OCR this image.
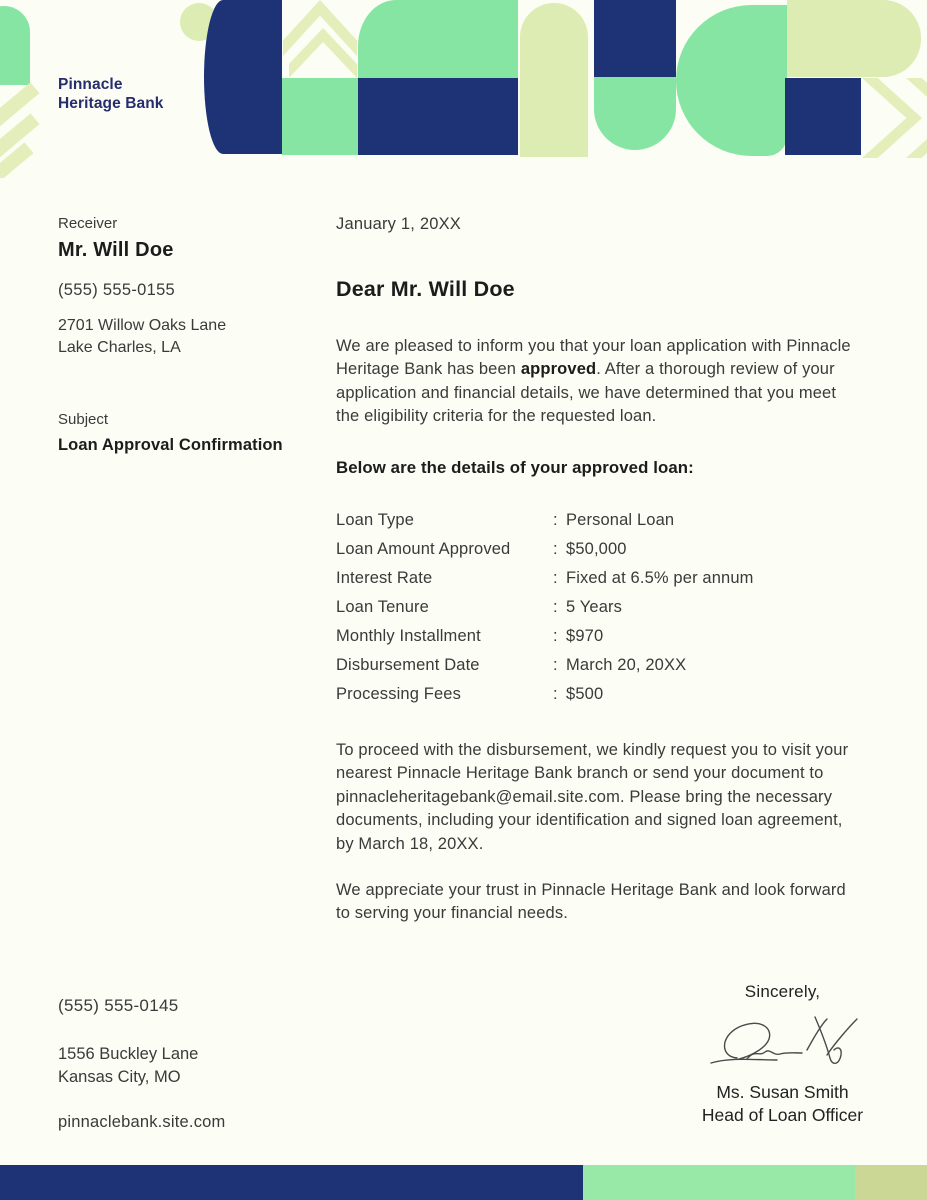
Pinnacle
Heritage Bank
Receiver
Mr. Will Doe
(555) 555-0155
2701 Willow Oaks Lane
Lake Charles, LA
Subject
Loan Approval Confirmation
January 1, 20XX
Dear Mr. Will Doe

We are pleased to inform you that your loan application with Pinnacle Heritage Bank has been approved. After a thorough review of your application and financial details, we have determined that you meet the eligibility criteria for the requested loan.

Below are the details of your approved loan:
Loan Type	: Personal Loan
Loan Amount Approved	: $50,000
Interest Rate	: Fixed at 6.5% per annum
Loan Tenure	: 5 Years
Monthly Installment	: $970
Disbursement Date	: March 20, 20XX
Processing Fees	: $500

To proceed with the disbursement, we kindly request you to visit your nearest Pinnacle Heritage Bank branch or send your document to pinnacleheritagebank@email.site.com. Please bring the necessary documents, including your identification and signed loan agreement, by March 18, 20XX.

We appreciate your trust in Pinnacle Heritage Bank and look forward to serving your financial needs.

(555) 555-0145
1556 Buckley Lane
Kansas City, MO
pinnaclebank.site.com
Sincerely,
Ms. Susan Smith
Head of Loan Officer
